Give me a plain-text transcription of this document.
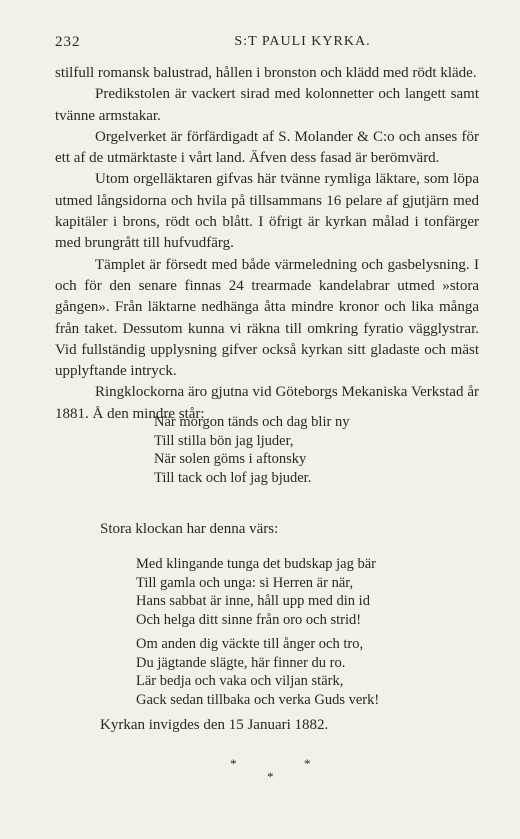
232	S:T PAULI KYRKA.

stilfull romansk balustrad, hållen i bronston och klädd med rödt kläde.

Predikstolen är vackert sirad med kolonnetter och langett samt tvänne armstakar.

Orgelverket är förfärdigadt af S. Molander & C:o och anses för ett af de utmärktaste i vårt land. Äfven dess fasad är berömvärd.

Utom orgelläktaren gifvas här tvänne rymliga läktare, som löpa utmed långsidorna och hvila på tillsammans 16 pelare af gjutjärn med kapitäler i brons, rödt och blått. I öfrigt är kyrkan målad i tonfärger med brungrått till hufvudfärg.

Tämplet är försedt med både värmeledning och gasbelysning. I och för den senare finnas 24 trearmade kandelabrar utmed »stora gången». Från läktarne nedhänga åtta mindre kronor och lika många från taket. Dessutom kunna vi räkna till omkring fyratio vägglystrar. Vid fullständig upplysning gifver också kyrkan sitt gladaste och mäst upplyftande intryck.

Ringklockorna äro gjutna vid Göteborgs Mekaniska Verkstad år 1881. Å den mindre står:

När morgon tänds och dag blir ny
Till stilla bön jag ljuder,
När solen göms i aftonsky
Till tack och lof jag bjuder.
Stora klockan har denna värs:
Med klingande tunga det budskap jag bär
Till gamla och unga: si Herren är när,
Hans sabbat är inne, håll upp med din id
Och helga ditt sinne från oro och strid!
Om anden dig väckte till ånger och tro,
Du jägtande slägte, här finner du ro.
Lär bedja och vaka och viljan stärk,
Gack sedan tillbaka och verka Guds verk!
Kyrkan invigdes den 15 Januari 1882.
*	*
*
